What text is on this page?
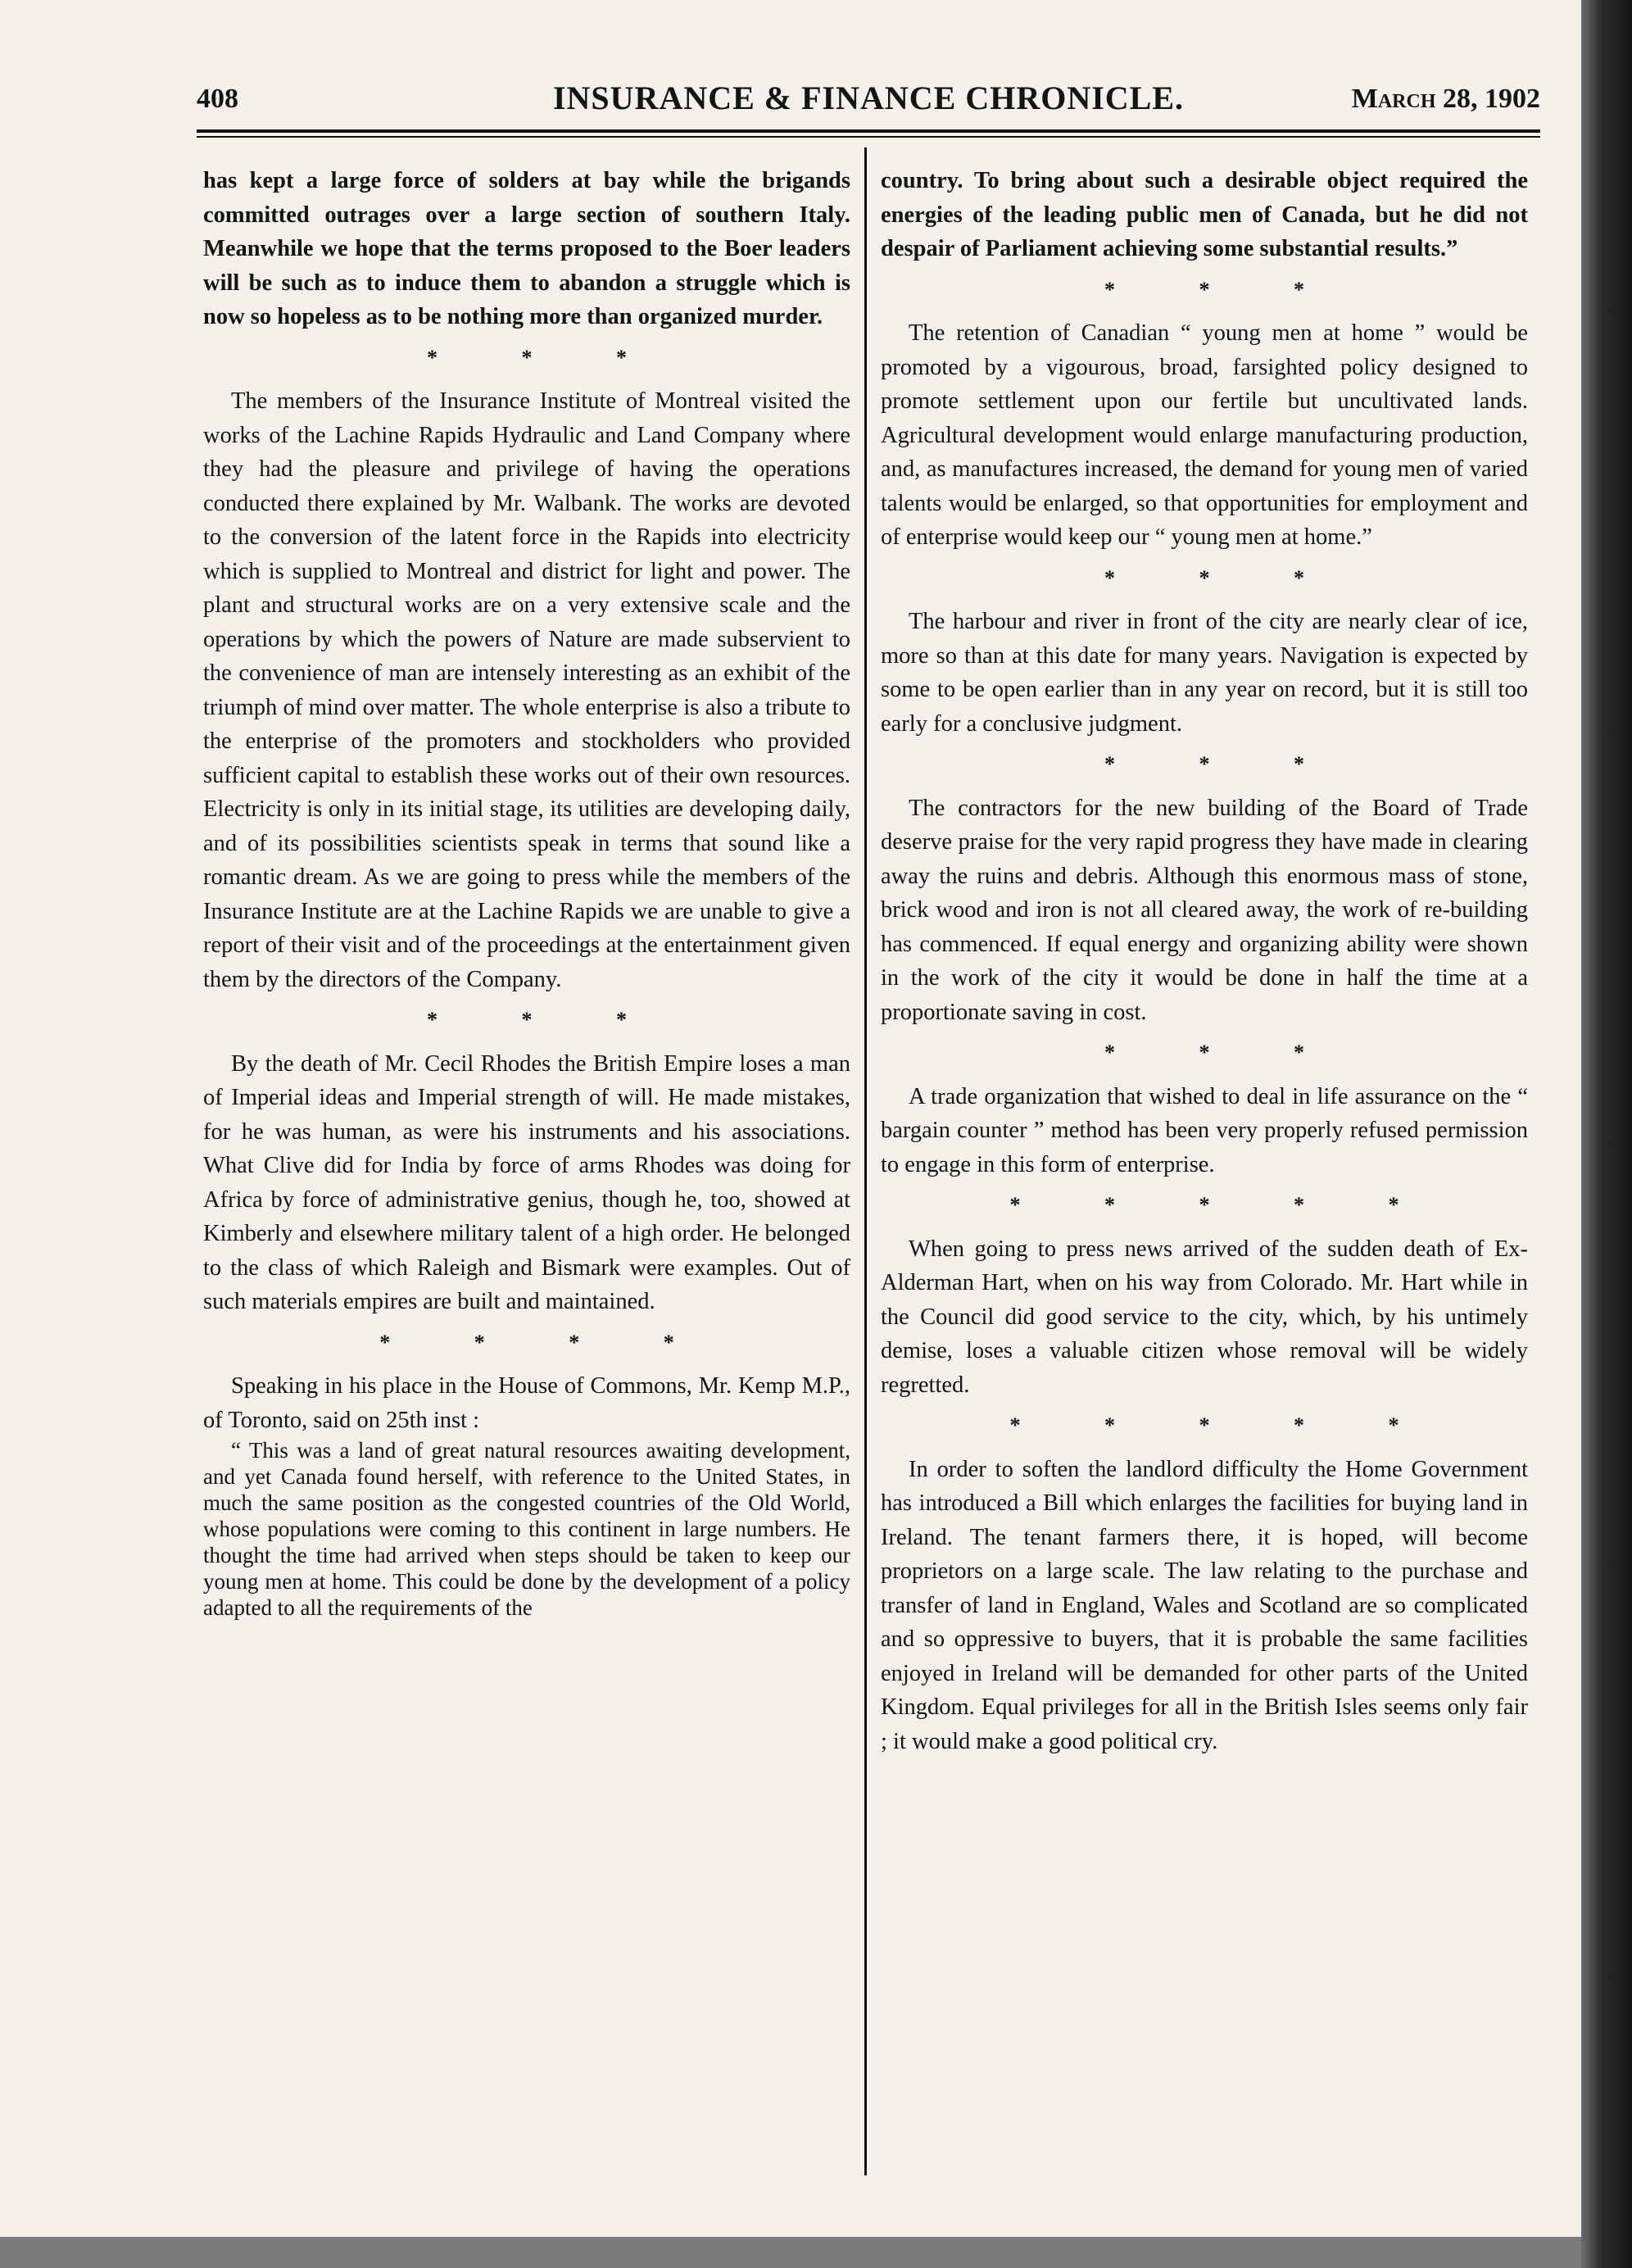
408	INSURANCE & FINANCE CHRONICLE.	March 28, 1902

has kept a large force of solders at bay while the brigands committed outrages over a large section of southern Italy. Meanwhile we hope that the terms proposed to the Boer leaders will be such as to induce them to abandon a struggle which is now so hopeless as to be nothing more than organized murder.

* * *

The members of the Insurance Institute of Montreal visited the works of the Lachine Rapids Hydraulic and Land Company where they had the pleasure and privilege of having the operations conducted there explained by Mr. Walbank. The works are devoted to the conversion of the latent force in the Rapids into electricity which is supplied to Montreal and district for light and power. The plant and structural works are on a very extensive scale and the operations by which the powers of Nature are made subservient to the convenience of man are intensely interesting as an exhibit of the triumph of mind over matter. The whole enterprise is also a tribute to the enterprise of the promoters and stockholders who provided sufficient capital to establish these works out of their own resources. Electricity is only in its initial stage, its utilities are developing daily, and of its possibilities scientists speak in terms that sound like a romantic dream. As we are going to press while the members of the Insurance Institute are at the Lachine Rapids we are unable to give a report of their visit and of the proceedings at the entertainment given them by the directors of the Company.

* * *

By the death of Mr. Cecil Rhodes the British Empire loses a man of Imperial ideas and Imperial strength of will. He made mistakes, for he was human, as were his instruments and his associations. What Clive did for India by force of arms Rhodes was doing for Africa by force of administrative genius, though he, too, showed at Kimberly and elsewhere military talent of a high order. He belonged to the class of which Raleigh and Bismark were examples. Out of such materials empires are built and maintained.

* * * *

Speaking in his place in the House of Commons, Mr. Kemp M.P., of Toronto, said on 25th inst :

“ This was a land of great natural resources awaiting development, and yet Canada found herself, with reference to the United States, in much the same position as the congested countries of the Old World, whose populations were coming to this continent in large numbers. He thought the time had arrived when steps should be taken to keep our young men at home. This could be done by the development of a policy adapted to all the requirements of the

country. To bring about such a desirable object required the energies of the leading public men of Canada, but he did not despair of Parliament achieving some substantial results.”

* * *

The retention of Canadian “ young men at home ” would be promoted by a vigourous, broad, farsighted policy designed to promote settlement upon our fertile but uncultivated lands. Agricultural development would enlarge manufacturing production, and, as manufactures increased, the demand for young men of varied talents would be enlarged, so that opportunities for employment and of enterprise would keep our “ young men at home.”

* * *

The harbour and river in front of the city are nearly clear of ice, more so than at this date for many years. Navigation is expected by some to be open earlier than in any year on record, but it is still too early for a conclusive judgment.

* * *

The contractors for the new building of the Board of Trade deserve praise for the very rapid progress they have made in clearing away the ruins and debris. Although this enormous mass of stone, brick wood and iron is not all cleared away, the work of re-building has commenced. If equal energy and organizing ability were shown in the work of the city it would be done in half the time at a proportionate saving in cost.

* * *

A trade organization that wished to deal in life assurance on the “ bargain counter ” method has been very properly refused permission to engage in this form of enterprise.

* * * * *

When going to press news arrived of the sudden death of Ex-Alderman Hart, when on his way from Colorado. Mr. Hart while in the Council did good service to the city, which, by his untimely demise, loses a valuable citizen whose removal will be widely regretted.

* * * * *

In order to soften the landlord difficulty the Home Government has introduced a Bill which enlarges the facilities for buying land in Ireland. The tenant farmers there, it is hoped, will become proprietors on a large scale. The law relating to the purchase and transfer of land in England, Wales and Scotland are so complicated and so oppressive to buyers, that it is probable the same facilities enjoyed in Ireland will be demanded for other parts of the United Kingdom. Equal privileges for all in the British Isles seems only fair ; it would make a good political cry.
